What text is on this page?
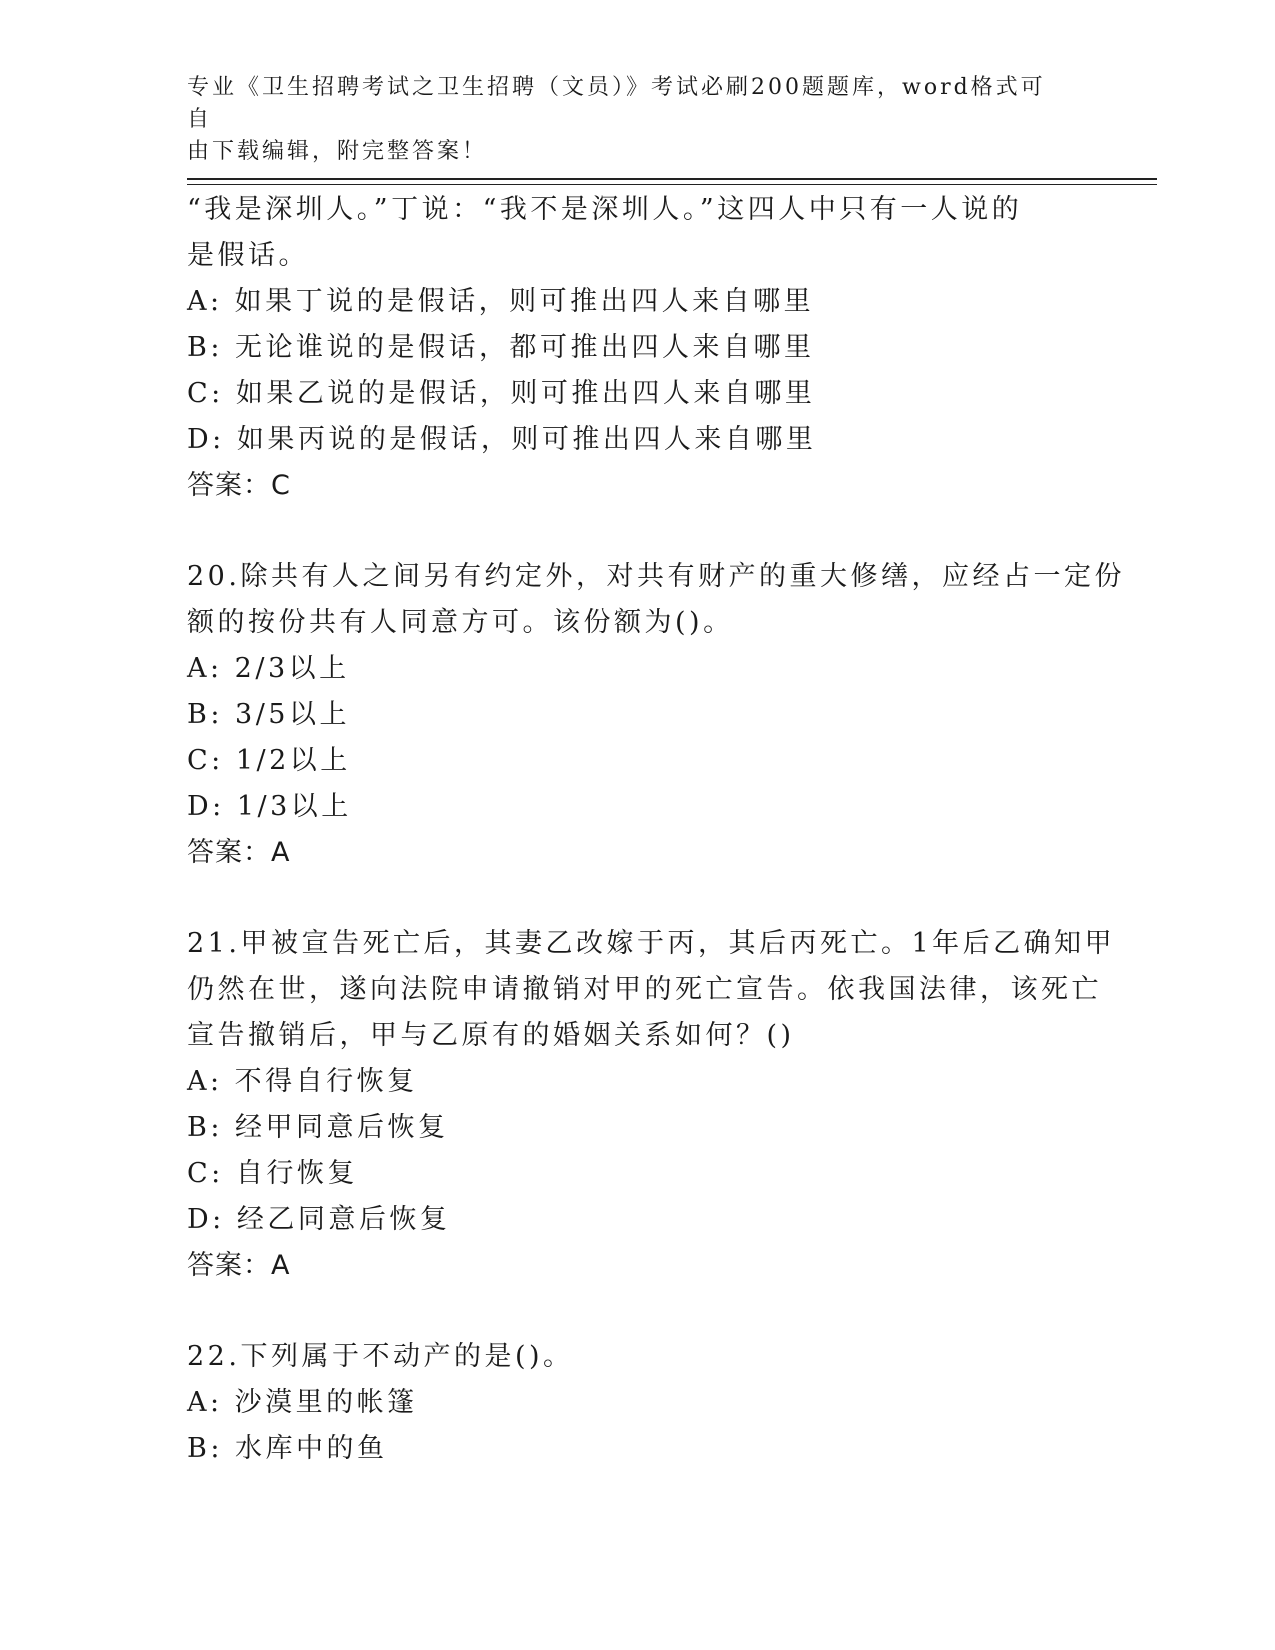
专业《卫生招聘考试之卫生招聘（文员）》考试必刷200题题库，word格式可自
由下载编辑，附完整答案！
“我是深圳人。”丁说：“我不是深圳人。”这四人中只有一人说的
是假话。
A: 如果丁说的是假话，则可推出四人来自哪里
B: 无论谁说的是假话，都可推出四人来自哪里
C: 如果乙说的是假话，则可推出四人来自哪里
D: 如果丙说的是假话，则可推出四人来自哪里
答案：C
20.除共有人之间另有约定外，对共有财产的重大修缮，应经占一定份
额的按份共有人同意方可。该份额为()。
A: 2/3以上
B: 3/5以上
C: 1/2以上
D: 1/3以上
答案：A
21.甲被宣告死亡后，其妻乙改嫁于丙，其后丙死亡。1年后乙确知甲
仍然在世，遂向法院申请撤销对甲的死亡宣告。依我国法律，该死亡
宣告撤销后，甲与乙原有的婚姻关系如何？()
A: 不得自行恢复
B: 经甲同意后恢复
C: 自行恢复
D: 经乙同意后恢复
答案：A
22.下列属于不动产的是()。
A: 沙漠里的帐篷
B: 水库中的鱼
